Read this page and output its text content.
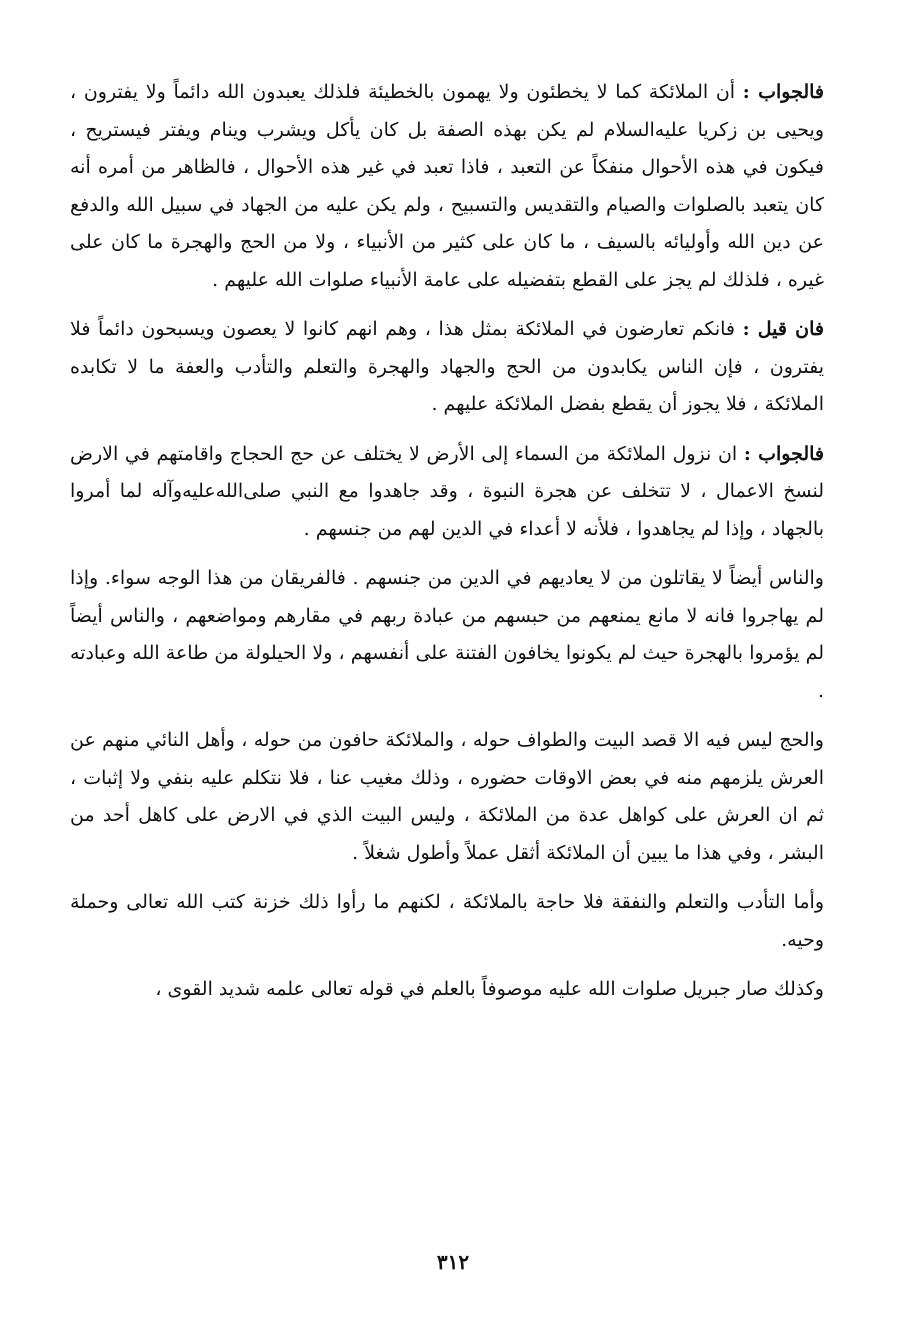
فالجواب : أن الملائكة كما لا يخطئون ولا يهمون بالخطيئة فلذلك يعبدون الله دائماً ولا يفترون ، ويحيى بن زكريا عليه‌السلام لم يكن بهذه الصفة بل كان يأكل ويشرب وينام ويفتر فيستريح ، فيكون في هذه الأحوال منفكاً عن التعبد ، فاذا تعبد في غير هذه الأحوال ، فالظاهر من أمره أنه كان يتعبد بالصلوات والصيام والتقديس والتسبيح ، ولم يكن عليه من الجهاد في سبيل الله والدفع عن دين الله وأوليائه بالسيف ، ما كان على كثير من الأنبياء ، ولا من الحج والهجرة ما كان على غيره ، فلذلك لم يجز على القطع بتفضيله على عامة الأنبياء صلوات الله عليهم .

فان قيل : فانكم تعارضون في الملائكة بمثل هذا ، وهم انهم كانوا لا يعصون ويسبحون دائماً فلا يفترون ، فإن الناس يكابدون من الحج والجهاد والهجرة والتعلم والتأدب والعفة ما لا تكابده الملائكة ، فلا يجوز أن يقطع بفضل الملائكة عليهم .

فالجواب : ان نزول الملائكة من السماء إلى الأرض لا يختلف عن حج الحجاج واقامتهم في الارض لنسخ الاعمال ، لا تتخلف عن هجرة النبوة ، وقد جاهدوا مع النبي صلى‌الله‌عليه‌وآله لما أمروا بالجهاد ، وإذا لم يجاهدوا ، فلأنه لا أعداء في الدين لهم من جنسهم .

والناس أيضاً لا يقاتلون من لا يعاديهم في الدين من جنسهم . فالفريقان من هذا الوجه سواء. وإذا لم يهاجروا فانه لا مانع يمنعهم من حبسهم من عبادة ربهم في مقارهم ومواضعهم ، والناس أيضاً لم يؤمروا بالهجرة حيث لم يكونوا يخافون الفتنة على أنفسهم ، ولا الحيلولة من طاعة الله وعبادته .

والحج ليس فيه الا قصد البيت والطواف حوله ، والملائكة حافون من حوله ، وأهل النائي منهم عن العرش يلزمهم منه في بعض الاوقات حضوره ، وذلك مغيب عنا ، فلا نتكلم عليه بنفي ولا إثبات ، ثم ان العرش على كواهل عدة من الملائكة ، وليس البيت الذي في الارض على كاهل أحد من البشر ، وفي هذا ما يبين أن الملائكة أثقل عملاً وأطول شغلاً .

وأما التأدب والتعلم والنفقة فلا حاجة بالملائكة ، لكنهم ما رأوا ذلك خزنة كتب الله تعالى وحملة وحيه.

وكذلك صار جبريل صلوات الله عليه موصوفاً بالعلم في قوله تعالى علمه شديد القوى ،

٣١٢
